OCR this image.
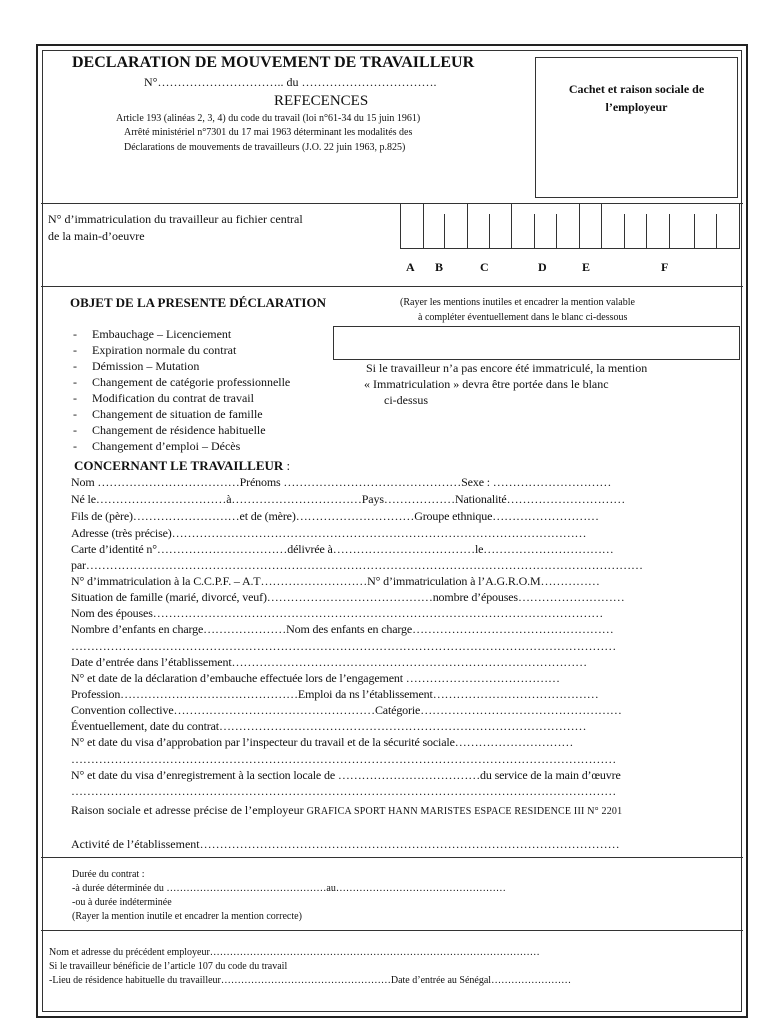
DECLARATION DE MOUVEMENT DE TRAVAILLEUR
N°………………………….. du …………………………….
REFECENCES
Article 193 (alinéas 2, 3, 4) du code du travail (loi n°61-34 du 15 juin 1961)
Arrêté ministériel n°7301 du 17 mai 1963 déterminant les modalités des
Déclarations de mouvements de travailleurs (J.O. 22 juin 1963, p.825)
Cachet et raison sociale de
l’employeur
N° d’immatriculation du travailleur au fichier central
de la main-d’oeuvre
A B	C	D	E	F
OBJET DE LA PRESENTE DÉCLARATION	(Rayer les mentions inutiles et encadrer la mention valable
à compléter éventuellement dans le blanc ci-dessous
-     Embauchage – Licenciement
-     Expiration normale du contrat
-     Démission – Mutation
-     Changement de catégorie professionnelle
-     Modification du contrat de travail
-     Changement de situation de famille
-     Changement de résidence habituelle
-     Changement d’emploi – Décès
Si le travailleur n’a pas encore été immatriculé, la mention
« Immatriculation » devra être portée dans le blanc
ci-dessus
CONCERNANT LE TRAVAILLEUR :
Nom ………………………………Prénoms ………………………………………Sexe : …………………………
Né le……………………………à……………………………Pays………………Nationalité…………………………
Fils de (père)………………………et de (mère)…………………………Groupe ethnique………………………
Adresse (très précise)……………………………………………………………………………………………
Carte d’identité n°……………………………délivrée à………………………………le……………………………
par……………………………………………………………………………………………………………………………
N° d’immatriculation à la C.C.P.F. – A.T………………………N° d’immatriculation à l’A.G.R.O.M……………
Situation de famille (marié, divorcé, veuf)……………………………………nombre d’épouses………………………
Nom des épouses……………………………………………………………………………………………………
Nombre d’enfants en charge…………………Nom des enfants en charge……………………………………………
…………………………………………………………………………………………………………………………
Date d’entrée dans l’établissement………………………………………………………………………………
N° et date de la déclaration d’embauche effectuée lors de l’engagement …………………………………
Profession………………………………………Emploi da ns l’établissement……………………………………
Convention collective……………………………………………Catégorie……………………………………………
Éventuellement, date du contrat…………………………………………………………………………………
N° et date du visa d’approbation par l’inspecteur du travail et de la sécurité sociale…………………………
…………………………………………………………………………………………………………………………
N° et date du visa d’enregistrement à la section locale de ………………………………du service de la main d’œuvre
…………………………………………………………………………………………………………………………
Raison sociale et adresse précise de l’employeur GRAFICA SPORT HANN MARISTES ESPACE RESIDENCE III N° 2201
Activité de l’établissement……………………………………………………………………………………………
Durée du contrat :
-à durée déterminée du …………………………………………au……………………………………………
-ou à durée indéterminée
(Rayer la mention inutile et encadrer la mention correcte)
Nom et adresse du précédent employeur………………………………………………………………………………………
Si le travailleur bénéficie de l’article 107 du code du travail
-Lieu de résidence habituelle du travailleur……………………………………………Date d’entrée au Sénégal……………………
